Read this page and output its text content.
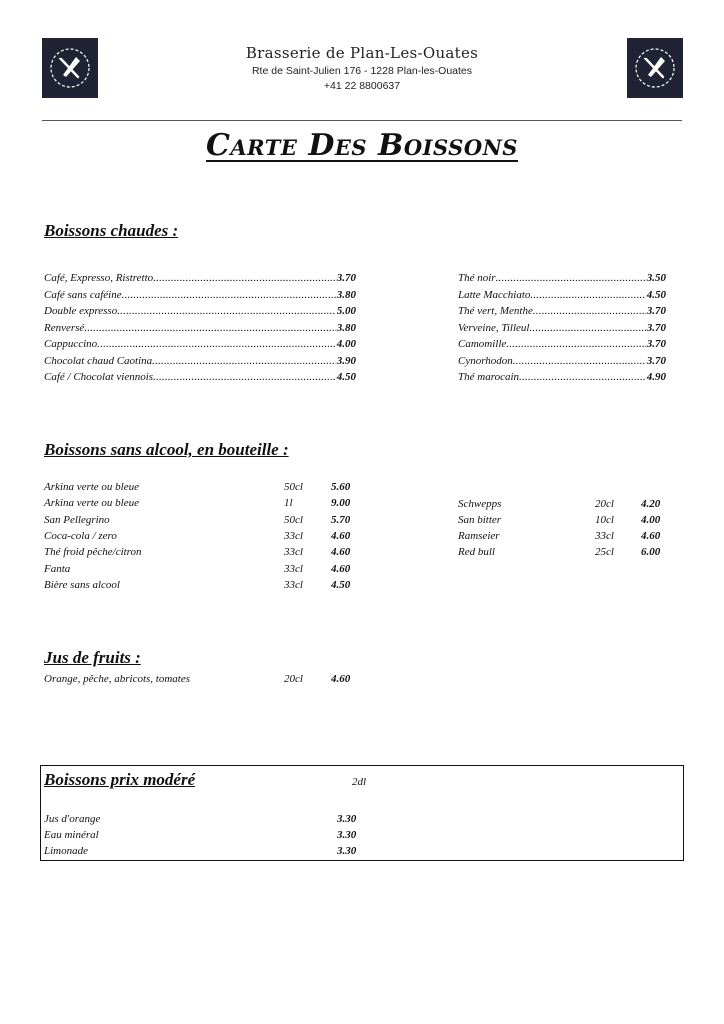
Brasserie de Plan-Les-Ouates
Rte de Saint-Julien 176 - 1228 Plan-les-Ouates
+41 22 8800637
Carte Des Boissons
Boissons chaudes :
Café, Expresso, Ristretto .....	3.70
Café sans caféine .....	3.80
Double expresso .....	5.00
Renversé .....	3.80
Cappuccino .....	4.00
Chocolat chaud Caotina .....	3.90
Café / Chocolat viennois .....	4.50
Thé noir .....	3.50
Latte Macchiato .....	4.50
Thé vert, Menthe .....	3.70
Verveine, Tilleul .....	3.70
Camomille .....	3.70
Cynorhodon .....	3.70
Thé marocain .....	4.90
Boissons sans alcool, en bouteille :
Arkina verte ou bleue	50cl	5.60
Arkina verte ou bleue	1l	9.00
San Pellegrino	50cl	5.70
Coca-cola / zero	33cl	4.60
Thé froid pêche/citron	33cl	4.60
Fanta	33cl	4.60
Bière sans alcool	33cl	4.50
Schwepps	20cl 4.20
San bitter	10cl 4.00
Ramseier	33cl 4.60
Red bull	25cl 6.00
Jus de fruits :
Orange, pêche, abricots, tomates	20cl	4.60
Boissons prix modéré	2dl
Jus d'orange	3.30
Eau minéral	3.30
Limonade	3.30
